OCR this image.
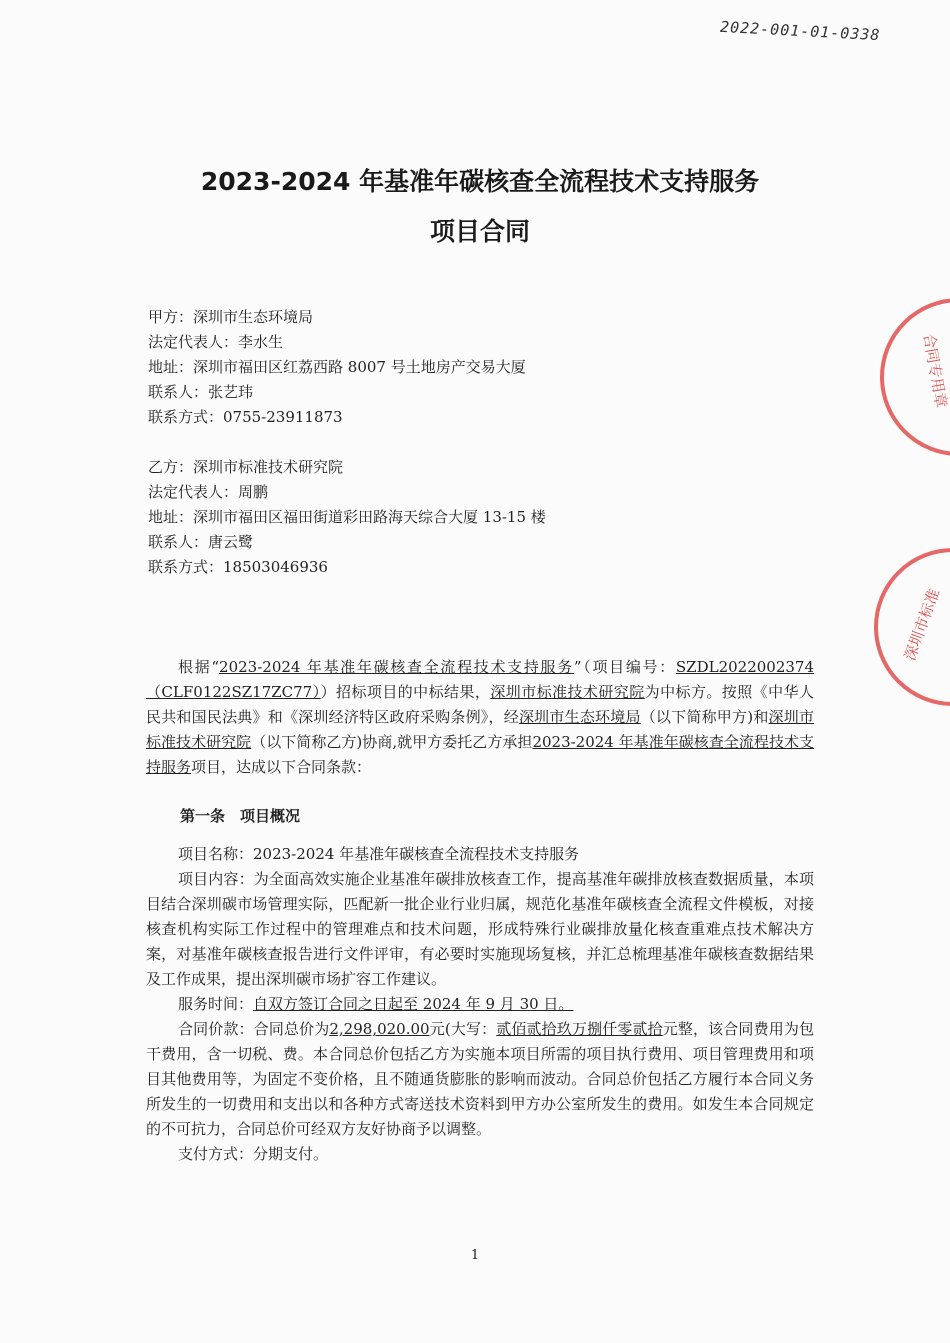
2022-001-01-0338
2023-2024 年基准年碳核查全流程技术支持服务
项目合同
甲方：深圳市生态环境局
法定代表人：李水生
地址：深圳市福田区红荔西路 8007 号土地房产交易大厦
联系人：张艺玮
联系方式：0755-23911873
乙方：深圳市标准技术研究院
法定代表人：周鹏
地址：深圳市福田区福田街道彩田路海天综合大厦 13-15 楼
联系人：唐云鹭
联系方式：18503046936

根据“2023-2024 年基准年碳核查全流程技术支持服务”（项目编号：SZDL2022002374（CLF0122SZ17ZC77））招标项目的中标结果，深圳市标准技术研究院为中标方。按照《中华人民共和国民法典》和《深圳经济特区政府采购条例》，经深圳市生态环境局（以下简称甲方)和深圳市标准技术研究院（以下简称乙方)协商,就甲方委托乙方承担2023-2024 年基准年碳核查全流程技术支持服务项目，达成以下合同条款：

第一条　项目概况

项目名称：2023-2024 年基准年碳核查全流程技术支持服务

项目内容：为全面高效实施企业基准年碳排放核查工作，提高基准年碳排放核查数据质量，本项目结合深圳碳市场管理实际，匹配新一批企业行业归属，规范化基准年碳核查全流程文件模板，对接核查机构实际工作过程中的管理难点和技术问题，形成特殊行业碳排放量化核查重难点技术解决方案，对基准年碳核查报告进行文件评审，有必要时实施现场复核，并汇总梳理基准年碳核查数据结果及工作成果，提出深圳碳市场扩容工作建议。

服务时间：自双方签订合同之日起至 2024 年 9 月 30 日。

合同价款：合同总价为2,298,020.00元(大写：贰佰贰拾玖万捌仟零贰拾元整，该合同费用为包干费用，含一切税、费。本合同总价包括乙方为实施本项目所需的项目执行费用、项目管理费用和项目其他费用等，为固定不变价格，且不随通货膨胀的影响而波动。合同总价包括乙方履行本合同义务所发生的一切费用和支出以和各种方式寄送技术资料到甲方办公室所发生的费用。如发生本合同规定的不可抗力，合同总价可经双方友好协商予以调整。

支付方式：分期支付。

1
合同专用章
深圳市标准
